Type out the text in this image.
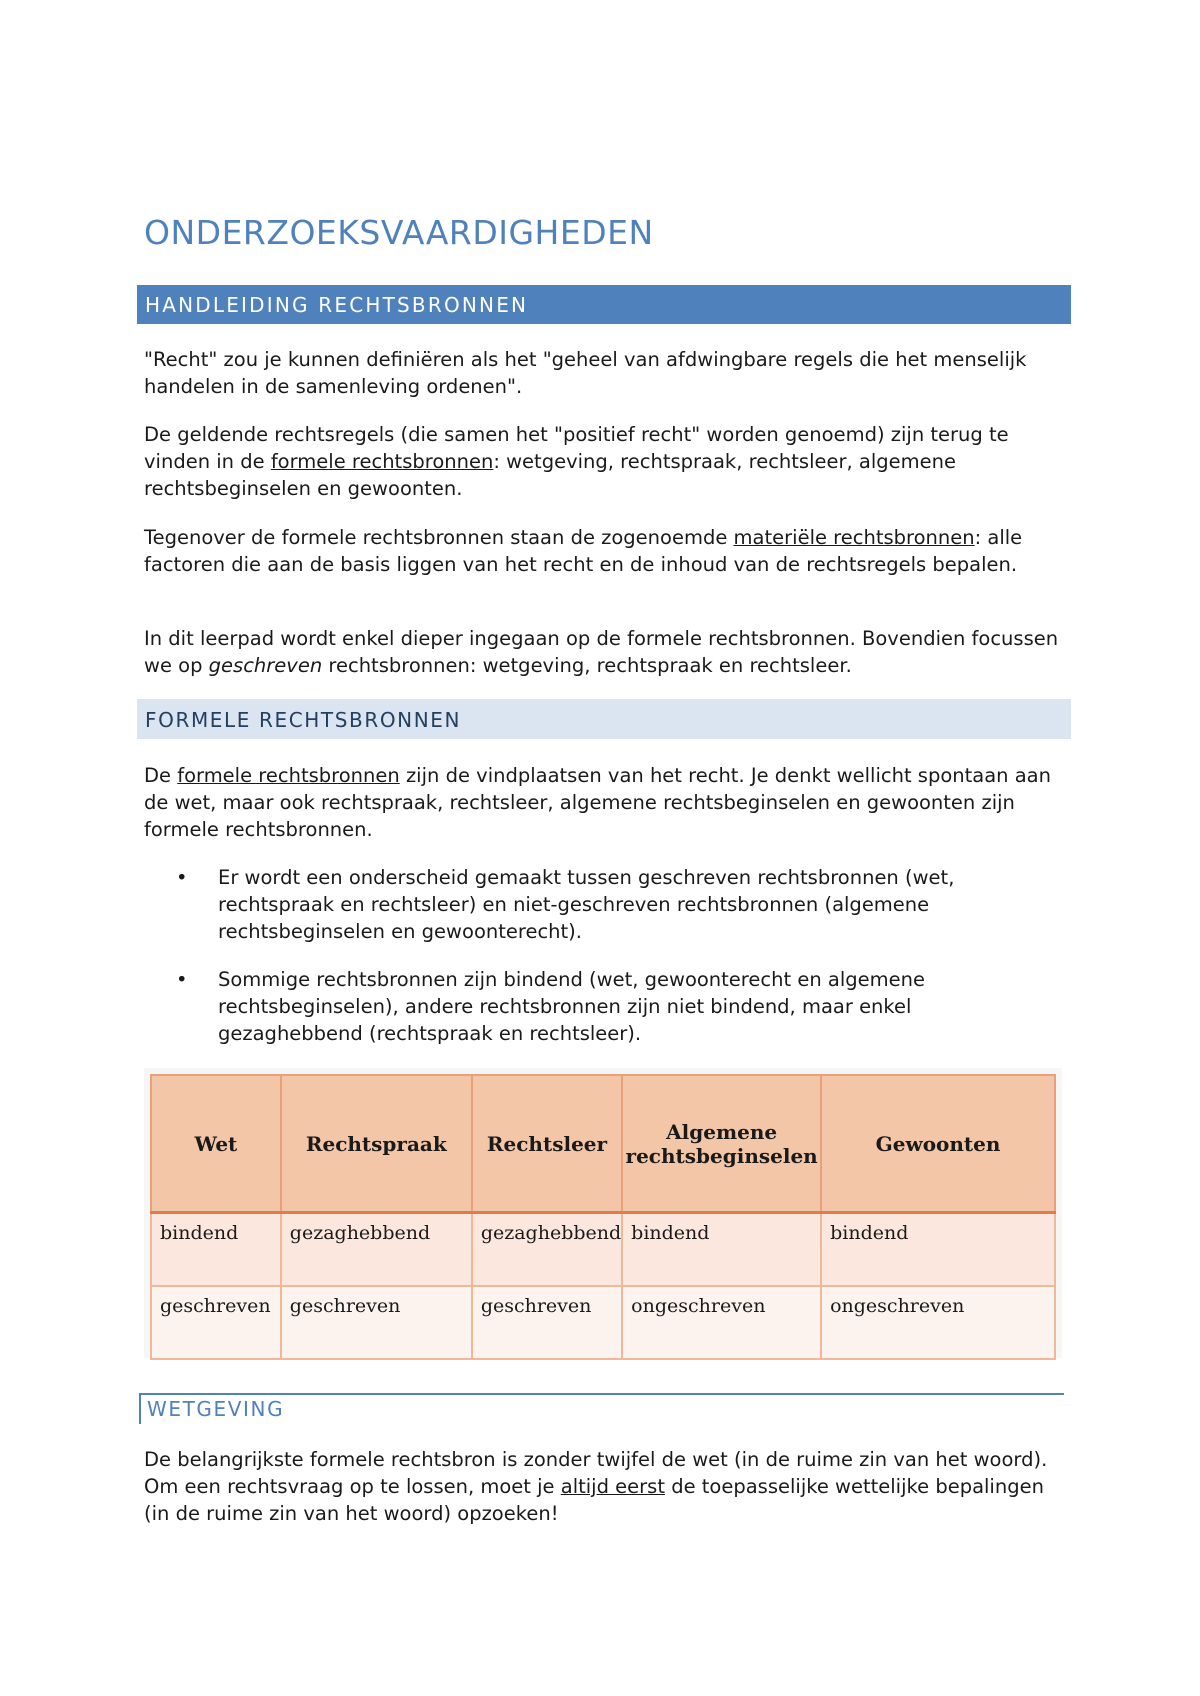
ONDERZOEKSVAARDIGHEDEN
HANDLEIDING RECHTSBRONNEN

"Recht" zou je kunnen definiëren als het "geheel van afdwingbare regels die het menselijk handelen in de samenleving ordenen".

De geldende rechtsregels (die samen het "positief recht" worden genoemd) zijn terug te vinden in de formele rechtsbronnen: wetgeving, rechtspraak, rechtsleer, algemene rechtsbeginselen en gewoonten.

Tegenover de formele rechtsbronnen staan de zogenoemde materiële rechtsbronnen: alle factoren die aan de basis liggen van het recht en de inhoud van de rechtsregels bepalen.

In dit leerpad wordt enkel dieper ingegaan op de formele rechtsbronnen. Bovendien focussen we op geschreven rechtsbronnen: wetgeving, rechtspraak en rechtsleer.

FORMELE RECHTSBRONNEN

De formele rechtsbronnen zijn de vindplaatsen van het recht. Je denkt wellicht spontaan aan de wet, maar ook rechtspraak, rechtsleer, algemene rechtsbeginselen en gewoonten zijn formele rechtsbronnen.

•	Er wordt een onderscheid gemaakt tussen geschreven rechtsbronnen (wet, rechtspraak en rechtsleer) en niet-geschreven rechtsbronnen (algemene rechtsbeginselen en gewoonterecht).
•	Sommige rechtsbronnen zijn bindend (wet, gewoonterecht en algemene rechtsbeginselen), andere rechtsbronnen zijn niet bindend, maar enkel gezaghebbend (rechtspraak en rechtsleer).
Wet	Rechtspraak	Rechtsleer	Algemene rechtsbeginselen	Gewoonten
bindend	gezaghebbend	gezaghebbend	bindend	bindend
geschreven	geschreven	geschreven	ongeschreven	ongeschreven
WETGEVING

De belangrijkste formele rechtsbron is zonder twijfel de wet (in de ruime zin van het woord). Om een rechtsvraag op te lossen, moet je altijd eerst de toepasselijke wettelijke bepalingen (in de ruime zin van het woord) opzoeken!
